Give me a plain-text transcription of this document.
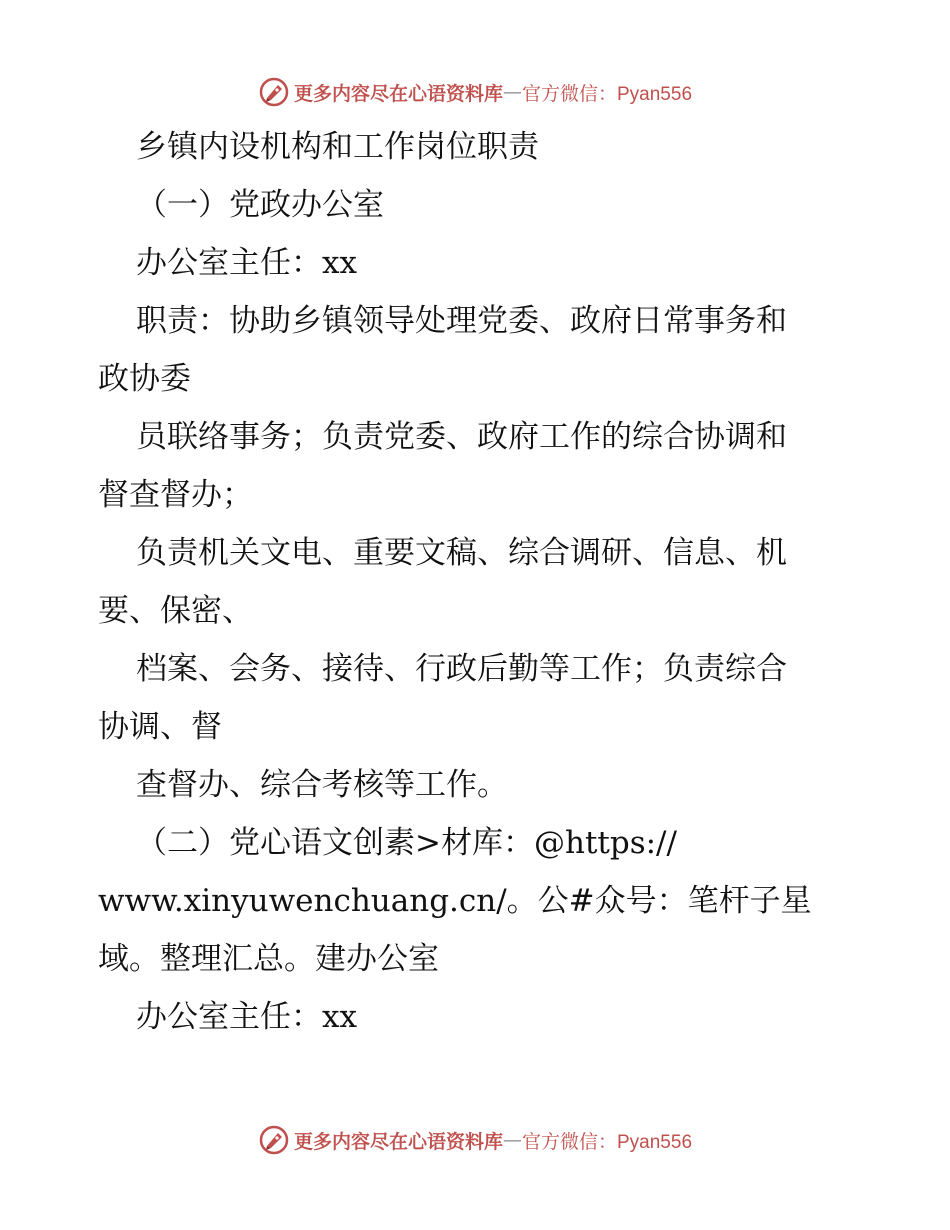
更多内容尽在心语资料库 — 官方微信：Pyan556
乡镇内设机构和工作岗位职责
（一）党政办公室
办公室主任：xx
职责：协助乡镇领导处理党委、政府日常事务和
政协委
员联络事务；负责党委、政府工作的综合协调和
督查督办；
负责机关文电、重要文稿、综合调研、信息、机
要、保密、
档案、会务、接待、行政后勤等工作；负责综合
协调、督
查督办、综合考核等工作。
（二）党心语文创素>材库：@https://
www.xinyuwenchuang.cn/。公#众号：笔杆子星
域。整理汇总。建办公室
办公室主任：xx
更多内容尽在心语资料库 — 官方微信：Pyan556
